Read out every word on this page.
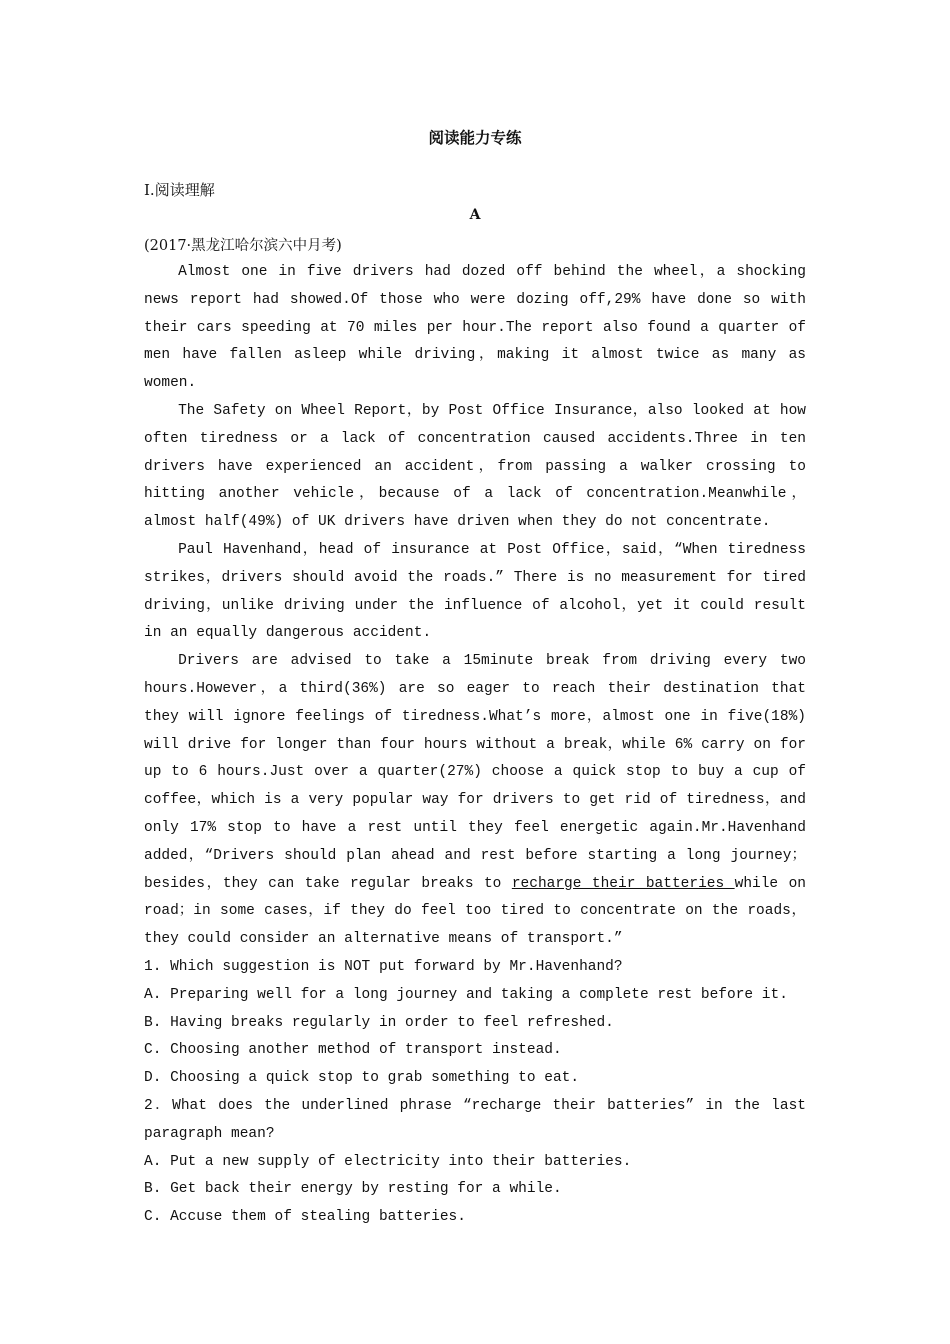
阅读能力专练
Ⅰ.阅读理解
A
(2017·黑龙江哈尔滨六中月考)

Almost one in five drivers had dozed off behind the wheel，a shocking news report had showed.Of those who were dozing off,29% have done so with their cars speeding at 70 miles per hour.The report also found a quarter of men have fallen asleep while driving，making it almost twice as many as women.

The Safety on Wheel Report，by Post Office Insurance，also looked at how often tiredness or a lack of concentration caused accidents.Three in ten drivers have experienced an accident，from passing a walker crossing to hitting another vehicle，because of a lack of concentration.Meanwhile，almost half(49%) of UK drivers have driven when they do not concentrate.

Paul Havenhand，head of insurance at Post Office，said，“When tiredness strikes，drivers should avoid the roads.” There is no measurement for tired driving，unlike driving under the influence of alcohol，yet it could result in an equally dangerous accident.

Drivers are advised to take a 15minute break from driving every two hours.However，a third(36%) are so eager to reach their destination that they will ignore feelings of tiredness.What’s more，almost one in five(18%) will drive for longer than four hours without a break，while 6% carry on for up to 6 hours.Just over a quarter(27%) choose a quick stop to buy a cup of coffee，which is a very popular way for drivers to get rid of tiredness，and only 17% stop to have a rest until they feel energetic again.Mr.Havenhand added，“Drivers should plan ahead and rest before starting a long journey；besides，they can take regular breaks to recharge their batteries while on road；in some cases，if they do feel too tired to concentrate on the roads，they could consider an alternative means of transport.”

1. Which suggestion is NOT put forward by Mr.Havenhand?

A. Preparing well for a long journey and taking a complete rest before it.

B. Having breaks regularly in order to feel refreshed.

C. Choosing another method of transport instead.

D. Choosing a quick stop to grab something to eat.

2．What does the underlined phrase “recharge their batteries” in the last paragraph mean?

A. Put a new supply of electricity into their batteries.

B. Get back their energy by resting for a while.

C. Accuse them of stealing batteries.
